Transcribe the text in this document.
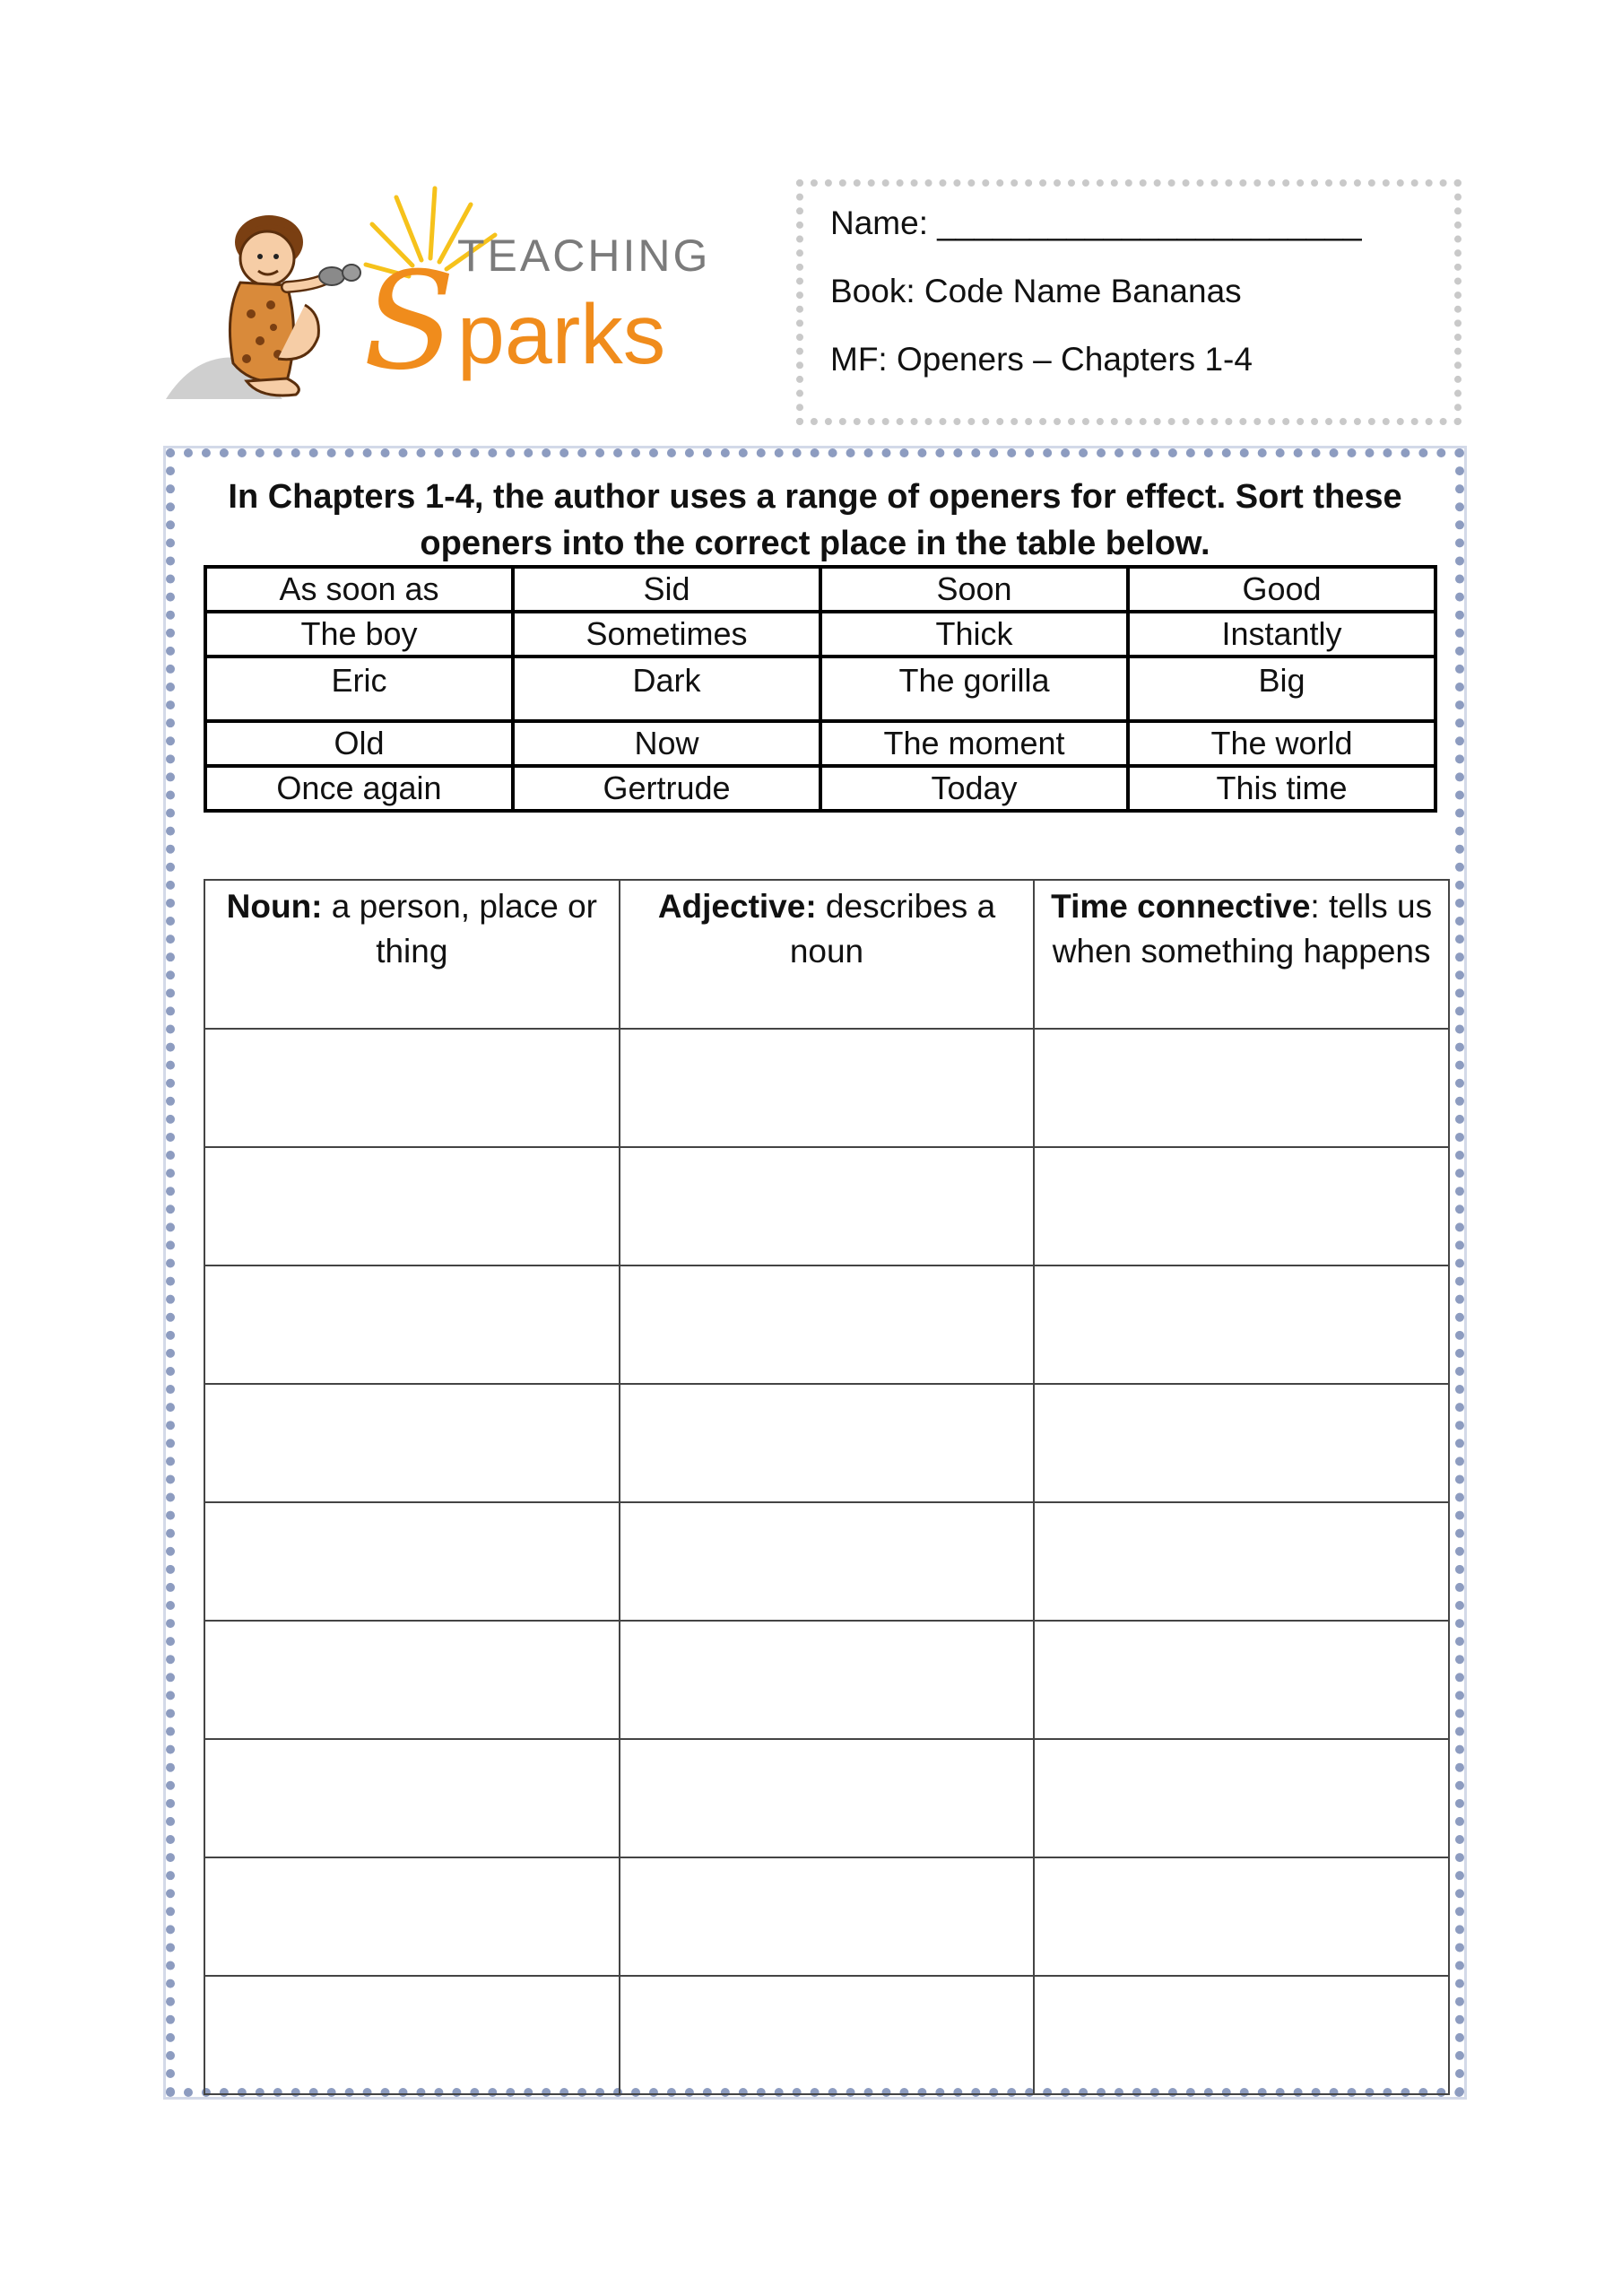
TEACHING
S parks
Name: _______________________
Book: Code Name Bananas
MF: Openers – Chapters 1-4

In Chapters 1-4, the author uses a range of openers for effect. Sort these openers into the correct place in the table below.

As soon as	Sid	Soon	Good
The boy	Sometimes	Thick	Instantly
Eric	Dark	The gorilla	Big
Old	Now	The moment	The world
Once again	Gertrude	Today	This time
Noun: a person, place or thing	Adjective: describes a noun	Time connective: tells us when something happens
